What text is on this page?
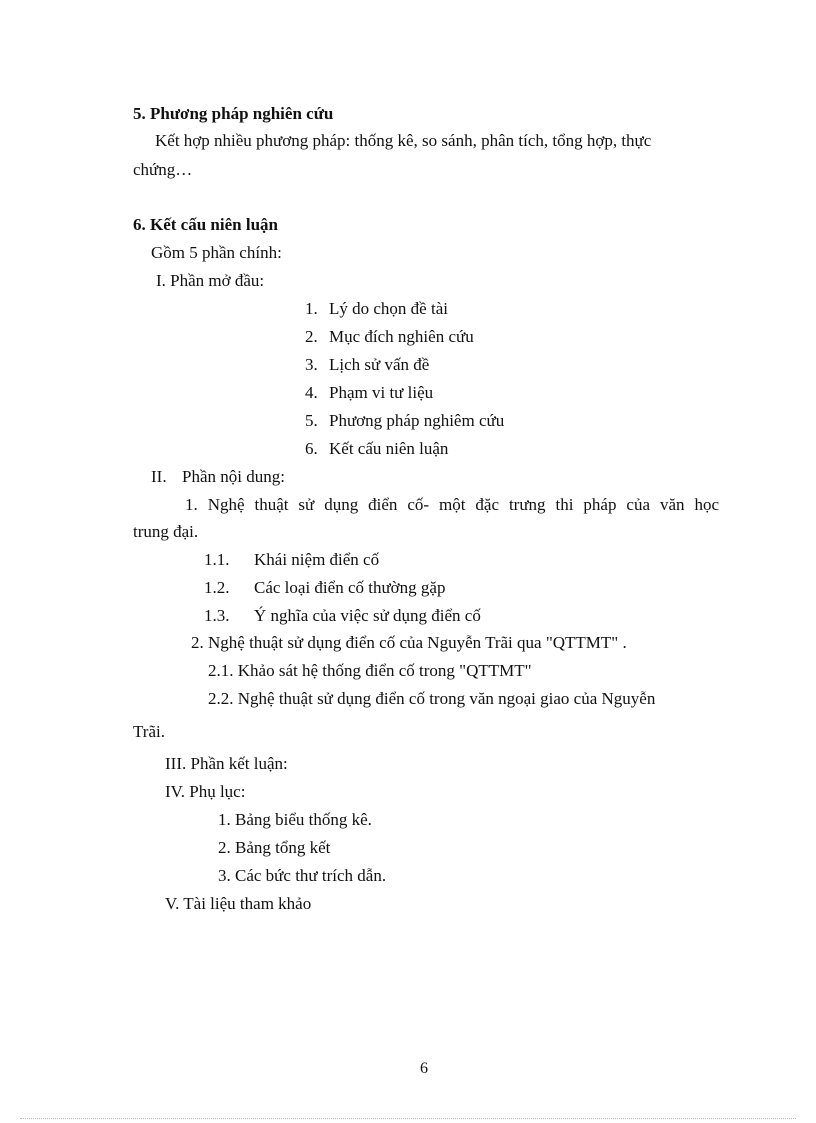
5. Phương pháp nghiên cứu
Kết hợp nhiều phương pháp: thống kê, so sánh, phân tích, tổng hợp, thực
chứng…
6. Kết cấu niên luận
Gồm 5 phần chính:
I. Phần mở đầu:
1. Lý do chọn đề tài
2. Mục đích nghiên cứu
3. Lịch sử vấn đề
4. Phạm vi tư liệu
5. Phương pháp nghiêm cứu
6. Kết cấu niên luận
II. Phần nội dung:
1. Nghệ thuật sử dụng điển cố- một đặc trưng thi pháp của văn học
trung đại.
1.1. Khái niệm điển cố
1.2. Các loại điển cố thường gặp
1.3. Ý nghĩa của việc sử dụng điển cố
2. Nghệ thuật sử dụng điển cố của Nguyễn Trãi qua "QTTMT" .
2.1. Khảo sát hệ thống điển cố trong "QTTMT"
2.2. Nghệ thuật sử dụng điển cố trong văn ngoại giao của Nguyễn
Trãi.
III. Phần kết luận:
IV. Phụ lục:
1. Bảng biểu thống kê.
2. Bảng tổng kết
3. Các bức thư trích dẫn.
V. Tài liệu tham khảo
6
